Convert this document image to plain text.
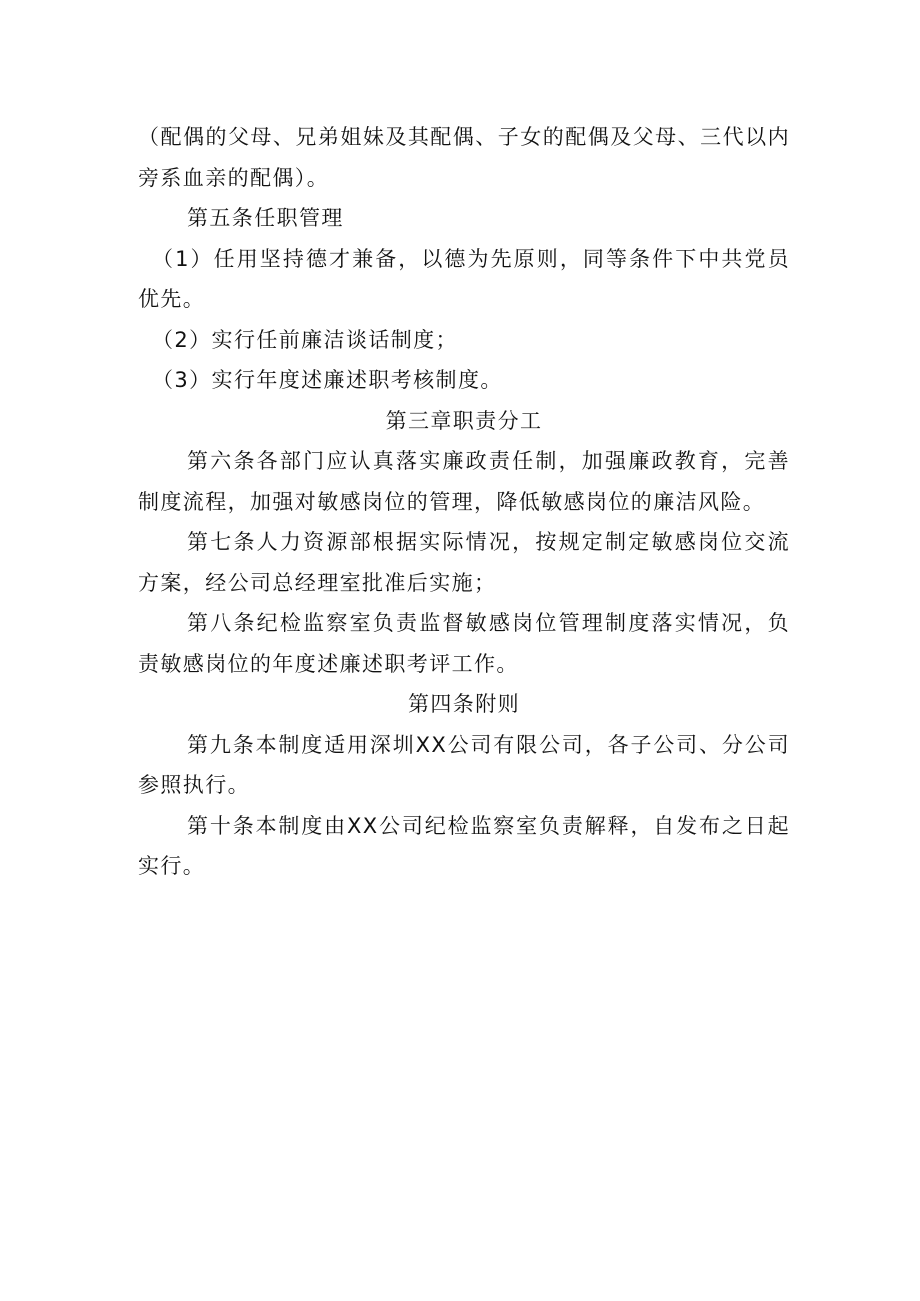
（配偶的父母、兄弟姐妹及其配偶、子女的配偶及父母、三代以内旁系血亲的配偶）。

第五条任职管理

（1）任用坚持德才兼备，以德为先原则，同等条件下中共党员优先。

（2）实行任前廉洁谈话制度；

（3）实行年度述廉述职考核制度。

第三章职责分工

第六条各部门应认真落实廉政责任制，加强廉政教育，完善制度流程，加强对敏感岗位的管理，降低敏感岗位的廉洁风险。

第七条人力资源部根据实际情况，按规定制定敏感岗位交流方案，经公司总经理室批准后实施；

第八条纪检监察室负责监督敏感岗位管理制度落实情况，负责敏感岗位的年度述廉述职考评工作。

第四条附则

第九条本制度适用深圳XX公司有限公司，各子公司、分公司参照执行。

第十条本制度由XX公司纪检监察室负责解释，自发布之日起实行。
